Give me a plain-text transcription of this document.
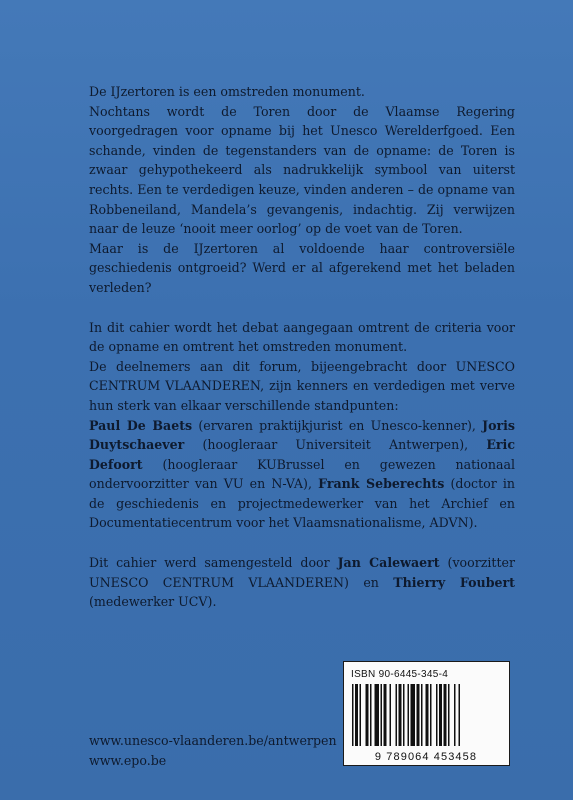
De IJzertoren is een omstreden monument.

Nochtans wordt de Toren door de Vlaamse Regering voorgedragen voor opname bij het Unesco Werelderfgoed. Een schande, vinden de tegenstanders van de opname: de Toren is zwaar gehypothekeerd als nadrukkelijk symbool van uiterst rechts. Een te verdedigen keuze, vinden anderen – de opname van Robbeneiland, Mandela’s gevangenis, indachtig. Zij verwijzen naar de leuze ‘nooit meer oorlog’ op de voet van de Toren.

Maar is de IJzertoren al voldoende haar controversiële geschiedenis ontgroeid? Werd er al afgerekend met het beladen verleden?

In dit cahier wordt het debat aangegaan omtrent de criteria voor de opname en omtrent het omstreden monument.

De deelnemers aan dit forum, bijeengebracht door UNESCO CENTRUM VLAANDEREN, zijn kenners en verdedigen met verve hun sterk van elkaar verschillende standpunten:

Paul De Baets (ervaren praktijkjurist en Unesco-kenner), Joris Duytschaever (hoogleraar Universiteit Antwerpen), Eric Defoort (hoogleraar KUBrussel en gewezen nationaal ondervoorzitter van VU en N-VA), Frank Seberechts (doctor in de geschiedenis en projectmedewerker van het Archief en Documentatiecentrum voor het Vlaamsnationalisme, ADVN).

Dit cahier werd samengesteld door Jan Calewaert (voorzitter UNESCO CENTRUM VLAANDEREN) en Thierry Foubert (medewerker UCV).

ISBN 90-6445-345-4
9 789064 453458
www.unesco-vlaanderen.be/antwerpen
www.epo.be
